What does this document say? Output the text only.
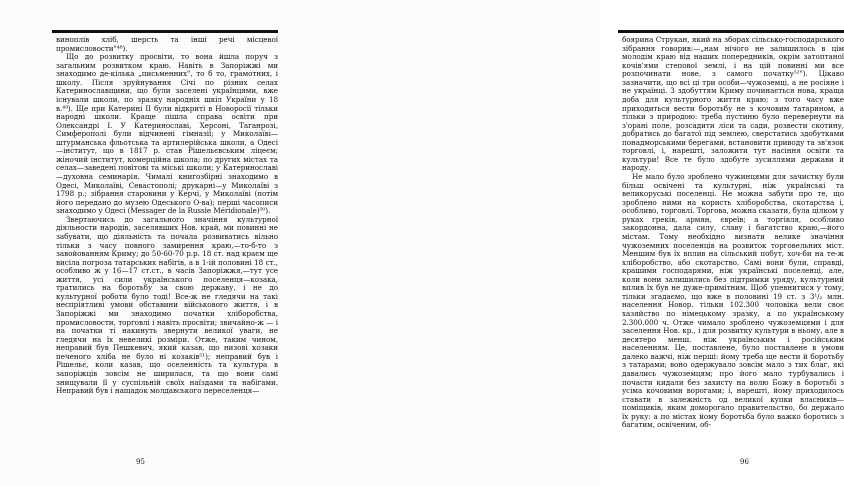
виноплів хліб, шерсть та інші речі місцевої промисловости"⁴⁸).

Що до розвитку просвіти, то вона йшла поруч з загальним розвитком краю. Навіть в Запоріжжі ми знаходимо де-кілька „письменних", то б то, грамотних, і школу. Після зруйнування Січі по різних селах Катеринославщини, що були заселені українцями, вже існували школи, по зразку народніх шкіл України у 18 в.⁴⁹). Ще при Катерині II були відкриті в Новоросії тільки народні школи. Краще пішла справа освіти при Олександрі І. У Катеринославі, Херсоні, Таганрозі, Симферополі були відчинені гімназії; у Миколаїві—штурманська фльотська та артилерійська школи, а Одесі—інститут, що в 1817 р. став Рішельєвським ліцеєм; жіночий інститут, комерційна школа; по других містах та селах—заведені повітові та міські школи; у Катеринославі—духовна семинарія. Чималі книгозбірні знаходимо в Одесі, Миколаїві, Севастополі; друкарні—у Миколаїві з 1798 р.; зібрання старовини у Керчі, у Миколаїві (потім його передано до музею Одеського О-ва); перші часописи знаходимо у Одесі (Messager de la Russie Méridionale)⁵⁰).

Звертаючись до загального значіння культурної діяльности народів, заселявших Нов. край, ми повинні не забувати, що діяльність та почала розвиватись вільно тільки з часу повного замирення краю,—то-б-то з завойованням Криму; до 50-60-70 р.р. 18 ст. над краєм ще висіла погроза татарських набігів, а в 1-ій половині 18 ст., особливо ж у 16—17 ст.ст., в часів Запоріжжя,—тут усе життя, усі сили українського поселенця—козака, тратились на боротьбу за свою державу, і не до культурної роботи було тоді! Все-ж не гледячи на такі неспріятливі умови обставини військового життя, і в Запоріжжі ми знаходимо початки хліборобства, промисловости, торговлі і навіть просвіти; звичайно-ж — і на початки ті накинуть звернути великої уваги, не гледячи на їх невеликі розміри. Отже, таким чином, неправий був Пешкевич, який казав, що низові козаки печеного хліба не було ні козаків⁵¹); неправий був і Рішельє, коли казав, що оселенність та культура в запоріжців зовсім не ширилася, та що вони самі знищували її у суспільній своїх наїздами та набігами. Неправий був і нащадок молдавського переселенця—

95

боярина Струкан, який на зборах сільсько-господарського зібрання говорив:—„нам нічого не залишилось в цім молодім краю від наших попередників, окрім затоптаної кочів'ями степової землі, і на цій повинні ми все розпочинати нове, з самого початку⁵²"). Цікаво зазначити, що всі ці три особи—чужоземці, а не росіяне і не українці. З здобуттям Криму починається нова, краща доба для культурного життя краю; з того часу вже приходиться вести боротьбу не з кочовим татарином, а тільки з природою: треба пустиню було перевернути на з'орані поле, розсадити ліси та сади, розвести скотину, добратись до багатої під землею, сверстатись здобутками понадморськими берегами, встановити приводу та зв'язок торговлі, і, нарешті, заложити тут насіння освіти та культури! Все те було здобуте зусиллями держави й народу.

Не мало було зроблено чужинцями для зачистку були більш освічені та культурні, ніж українські та великоруські поселенці. Не можна забути про те, що зроблено ними на користь хліборобства, скотарства і, особливо, торговлі. Торгова, можна сказати, була цілком у руках греків, армян, євреїв; а торгівля, особливо закордонна, дала силу, славу і багатство краю,—його містам. Тому необхідно визнати велике значіння чужоземних поселенців на розвиток торговельних міст. Меншим був їх вплив на сільський побут, хоч-би на те-ж хліборобство, або скотарство. Самі вони були, справді, крашими господарями, ніж українські поселенці, але, коли вони залишились без підтримки уряду, культурний вплив їх був не дуже-примітним. Щоб упевнитися у тому, тільки згадаємо, що вже в половині 19 ст. з 3¹/₂ млн. населення Новор. тільки 102.300 чоловіка вели своє хазяйство по німецькому зразку, а по українському 2.300.000 ч. Отже чимало зроблено чужоземцями і для заселення Нов. кр., і для розвитку культури в ньому, але в десятеро менш, ніж українським і російським населенням. Це, поставлене, було поставлене в умови далеко важчі, ніж перші: йому треба ще вести й боротьбу з татарами; воно одержувало зовсім мало з тих благ, які давались чужоземцям; про його мало турбувались і почасти кидали без захисту на волю Божу в боротьбі з усіма кочовими ворогами; і, нарешті, йому приходилось ставати в залежність од великої купки власників—поміщиків, яким доморогало правительство, бо держало їх руку: а по містах йому боротьба було важко боротись з багатим, освіченим, об-

96
